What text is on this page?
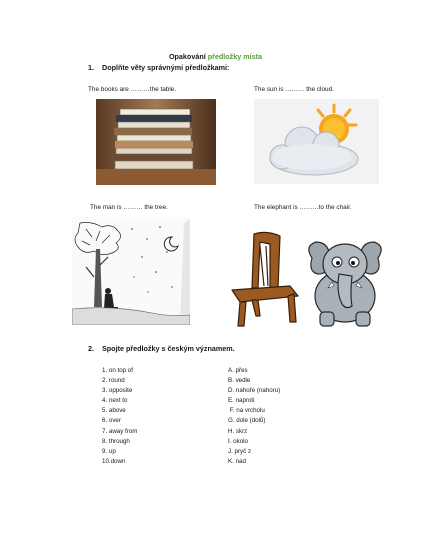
Opakování předložky místa
1. Doplňte věty správnými předložkami:
The books are ………the table.	The sun is ……… the cloud.
The man is ……… the tree.	The elephant is ………to the chair.
2. Spojte předložky s českým významem.
1. on top of
2. round
3. opposite
4. next to
5. above
6. over
7. away from
8. through
9. up
10.down
A. přes
B. vedle
D. nahoře (nahoru)
E. naproti
F. na vrcholu
G. dole (dolů)
H. skrz
I. okolo
J. pryč z
K. nad
